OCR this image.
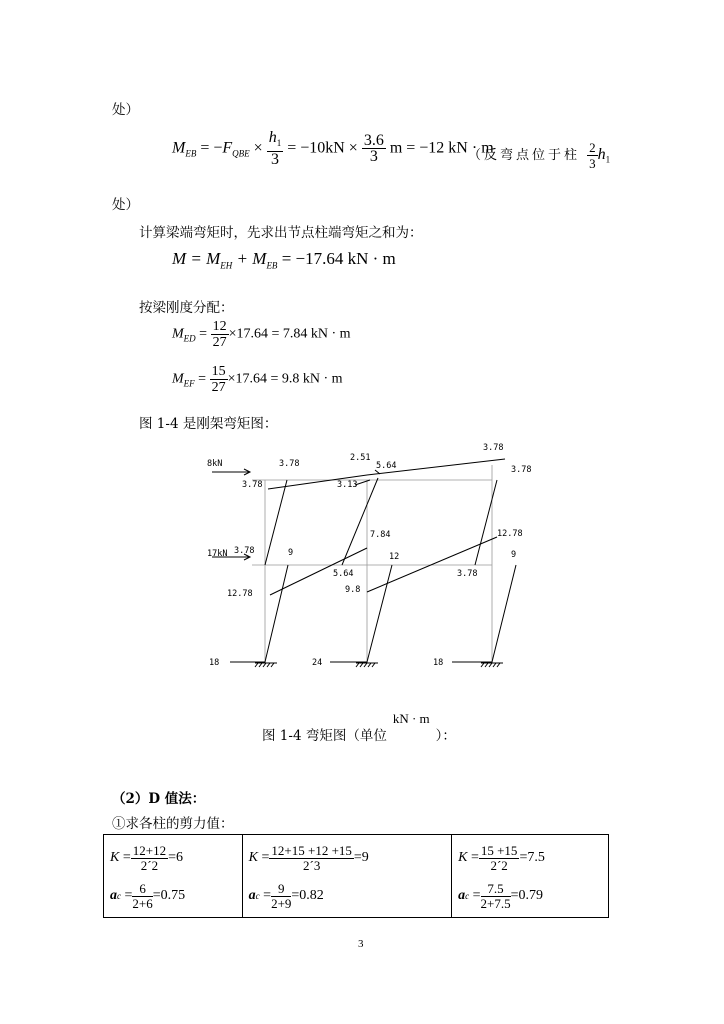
处）
$M_{EB} = -F_{QBE} \times \frac{h_1}{3} = -10kN \times \frac{3.6}{3}$ m = −12 kN · m
（反弯点位于柱 $\frac{2}{3} h_1$
处）
计算梁端弯矩时，先求出节点柱端弯矩之和为：
$M = M_{EH} + M_{EB} = -17.64$ kN · m
按梁刚度分配：
$M_{ED} = \frac{12}{27} \times 17.64 = 7.84$ kN · m
$M_{EF} = \frac{15}{27} \times 17.64 = 9.8$ kN · m
图 1-4 是刚架弯矩图：
8kN
17kN
3.78
2.51
3.78
5.64	3.78
3.78	3.13
7.84	12.78
3.78	9	12	9
5.64	3.78
9.8
12.78
18	24	18
图 1-4 弯矩图（单位kN · m）：
（2）D 值法：
①求各柱的剪力值：
$K = \frac{12+12}{2´2} =6$
a $c = \frac{6}{2+6} =0.75$

$K = \frac{12+15 +12 +15}{2´3} =9$
a $c = \frac{9}{2+9} =0.82$

$K = \frac{15 +15}{2´2} =7.5$
a $c = \frac{7.5}{2+7.5} =0.79$
3
